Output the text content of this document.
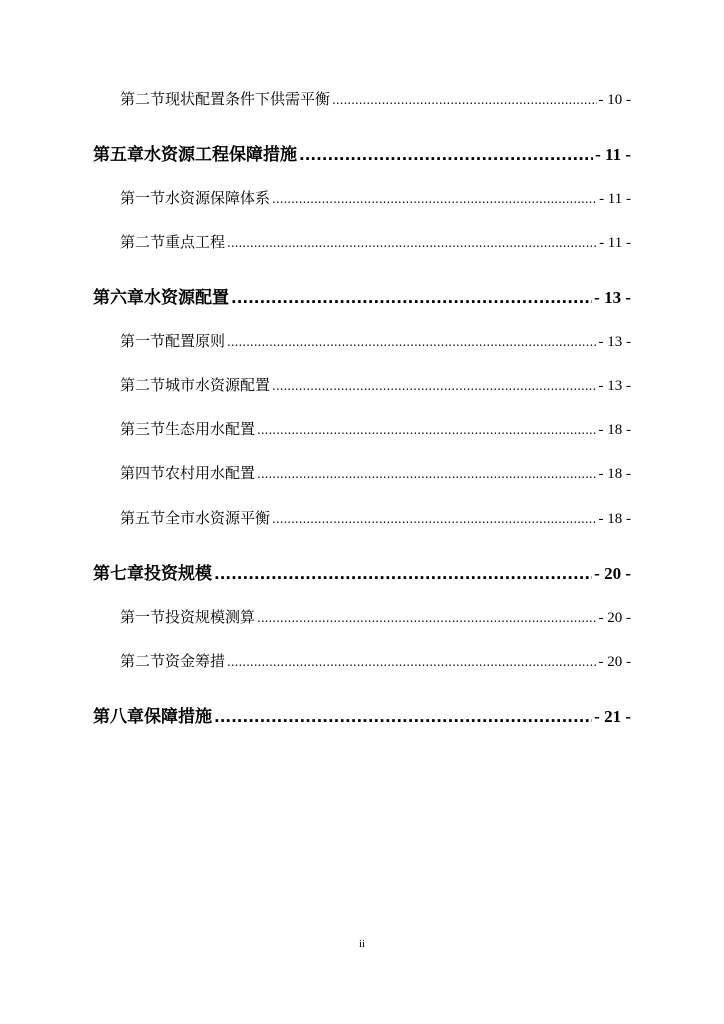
第二节 现状配置条件下供需平衡 .....	- 10 -
第五章 水资源工程保障措施 .....	- 11 -
第一节 水资源保障体系 .....	- 11 -
第二节 重点工程 .....	- 11 -
第六章 水资源配置 .....	- 13 -
第一节 配置原则 .....	- 13 -
第二节 城市水资源配置 .....	- 13 -
第三节 生态用水配置 .....	- 18 -
第四节 农村用水配置 .....	- 18 -
第五节 全市水资源平衡 .....	- 18 -
第七章 投资规模 .....	- 20 -
第一节 投资规模测算 .....	- 20 -
第二节 资金筹措 .....	- 20 -
第八章 保障措施 .....	- 21 -
ii
